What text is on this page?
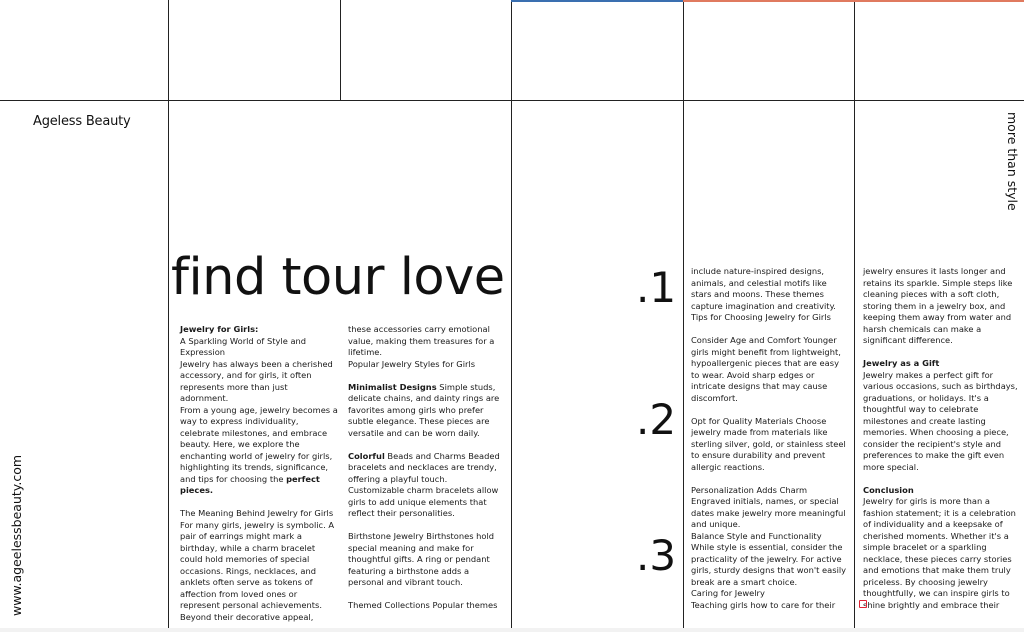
Ageless Beauty
www.ageelessbeauty.com
more than style
find tour love	.1
.2
.3

Jewelry for Girls:

A Sparkling World of Style and Expression

Jewelry has always been a cherished accessory, and for girls, it often represents more than just adornment.

From a young age, jewelry becomes a way to express individuality, celebrate milestones, and embrace beauty. Here, we explore the enchanting world of jewelry for girls, highlighting its trends, significance, and tips for choosing the perfect pieces.

The Meaning Behind Jewelry for Girls

For many girls, jewelry is symbolic. A pair of earrings might mark a birthday, while a charm bracelet could hold memories of special occasions. Rings, necklaces, and anklets often serve as tokens of affection from loved ones or represent personal achievements.

Beyond their decorative appeal,

these accessories carry emotional value, making them treasures for a lifetime.

Popular Jewelry Styles for Girls

Minimalist Designs Simple studs, delicate chains, and dainty rings are favorites among girls who prefer subtle elegance. These pieces are versatile and can be worn daily.

Colorful Beads and Charms Beaded bracelets and necklaces are trendy, offering a playful touch. Customizable charm bracelets allow girls to add unique elements that reflect their personalities.

Birthstone Jewelry Birthstones hold special meaning and make for thoughtful gifts. A ring or pendant featuring a birthstone adds a personal and vibrant touch.

Themed Collections Popular themes

include nature-inspired designs, animals, and celestial motifs like stars and moons. These themes capture imagination and creativity.

Tips for Choosing Jewelry for Girls

Consider Age and Comfort Younger girls might benefit from lightweight, hypoallergenic pieces that are easy to wear. Avoid sharp edges or intricate designs that may cause discomfort.

Opt for Quality Materials Choose jewelry made from materials like sterling silver, gold, or stainless steel to ensure durability and prevent allergic reactions.

Personalization Adds Charm Engraved initials, names, or special dates make jewelry more meaningful and unique.

Balance Style and Functionality While style is essential, consider the practicality of the jewelry. For active girls, sturdy designs that won't easily break are a smart choice.

Caring for Jewelry

Teaching girls how to care for their

jewelry ensures it lasts longer and retains its sparkle. Simple steps like cleaning pieces with a soft cloth, storing them in a jewelry box, and keeping them away from water and harsh chemicals can make a significant difference.

Jewelry as a Gift

Jewelry makes a perfect gift for various occasions, such as birthdays, graduations, or holidays. It's a thoughtful way to celebrate milestones and create lasting memories. When choosing a piece, consider the recipient's style and preferences to make the gift even more special.

Conclusion

Jewelry for girls is more than a fashion statement; it is a celebration of individuality and a keepsake of cherished moments. Whether it's a simple bracelet or a sparkling necklace, these pieces carry stories and emotions that make them truly priceless. By choosing jewelry thoughtfully, we can inspire girls to shine brightly and embrace their
